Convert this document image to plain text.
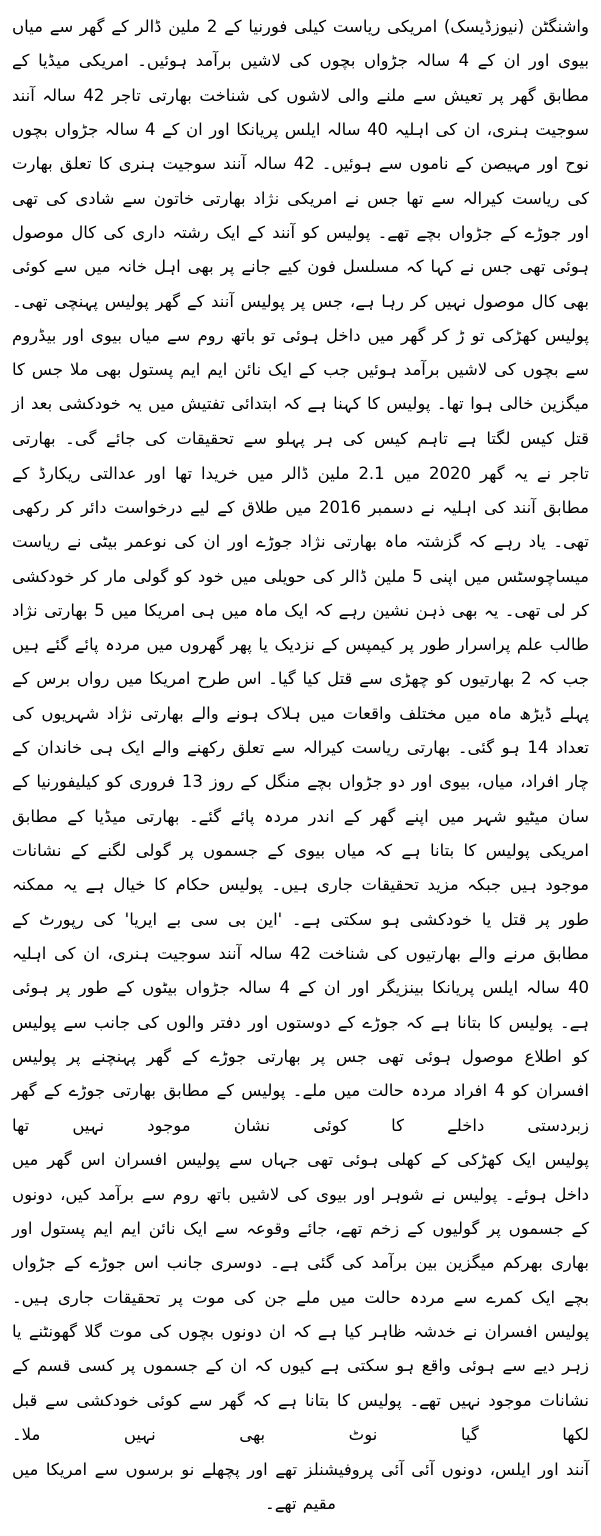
واشنگٹن (نیوزڈیسک) امریکی ریاست کیلی فورنیا کے 2 ملین ڈالر کے گھر سے میاں بیوی اور ان کے 4 سالہ جڑواں بچوں کی لاشیں برآمد ہوئیں۔ امریکی میڈیا کے مطابق گھر پر تعیش سے ملنے والی لاشوں کی شناخت بھارتی تاجر 42 سالہ آنند سوجیت ہنری، ان کی اہلیہ 40 سالہ ایلس پریانکا اور ان کے 4 سالہ جڑواں بچوں نوح اور مہیصن کے ناموں سے ہوئیں۔ 42 سالہ آنند سوجیت ہنری کا تعلق بھارت کی ریاست کیرالہ سے تھا جس نے امریکی نژاد بھارتی خاتون سے شادی کی تھی اور جوڑے کے جڑواں بچے تھے۔ پولیس کو آنند کے ایک رشتہ داری کی کال موصول ہوئی تھی جس نے کہا کہ مسلسل فون کیے جانے پر بھی اہل خانہ میں سے کوئی بھی کال موصول نہیں کر رہا ہے، جس پر پولیس آنند کے گھر پولیس پہنچی تھی۔ پولیس کھڑکی تو ڑ کر گھر میں داخل ہوئی تو باتھ روم سے میاں بیوی اور بیڈروم سے بچوں کی لاشیں برآمد ہوئیں جب کے ایک نائن ایم ایم پستول بھی ملا جس کا میگزین خالی ہوا تھا۔ پولیس کا کہنا ہے کہ ابتدائی تفتیش میں یہ خودکشی بعد از قتل کیس لگتا ہے تاہم کیس کی ہر پہلو سے تحقیقات کی جائے گی۔ بھارتی

تاجر نے یہ گھر 2020 میں 2.1 ملین ڈالر میں خریدا تھا اور عدالتی ریکارڈ کے مطابق آنند کی اہلیہ نے دسمبر 2016 میں طلاق کے لیے درخواست دائر کر رکھی تھی۔ یاد رہے کہ گزشتہ ماہ بھارتی نژاد جوڑے اور ان کی نوعمر بیٹی نے ریاست میساچوسٹس میں اپنی 5 ملین ڈالر کی حویلی میں خود کو گولی مار کر خودکشی کر لی تھی۔ یہ بھی ذہن نشین رہے کہ ایک ماہ میں ہی امریکا میں 5 بھارتی نژاد طالب علم پراسرار طور پر کیمپس کے نزدیک یا پھر گھروں میں مردہ پائے گئے ہیں جب کہ 2 بھارتیوں کو چھڑی سے قتل کیا گیا۔ اس طرح امریکا میں رواں برس کے پہلے ڈیڑھ ماہ میں مختلف واقعات میں ہلاک ہونے والے بھارتی نژاد شہریوں کی تعداد 14 ہو گئی۔ بھارتی ریاست کیرالہ سے تعلق رکھنے والے ایک ہی خاندان کے چار افراد، میاں، بیوی اور دو جڑواں بچے منگل کے روز 13 فروری کو کیلیفورنیا کے سان میٹیو شہر میں اپنے گھر کے اندر مردہ پائے گئے۔ بھارتی میڈیا کے مطابق امریکی پولیس کا بتانا ہے کہ میاں بیوی کے جسموں پر گولی لگنے کے نشانات موجود ہیں جبکہ مزید تحقیقات جاری ہیں۔ پولیس حکام کا خیال ہے یہ ممکنہ طور پر قتل یا خودکشی ہو سکتی ہے۔ 'این بی سی بے ایریا' کی رپورٹ کے مطابق مرنے والے بھارتیوں کی شناخت 42 سالہ آنند سوجیت ہنری، ان کی اہلیہ 40 سالہ ایلس پریانکا بینزیگر اور ان کے 4 سالہ جڑواں بیٹوں کے طور پر ہوئی ہے۔ پولیس کا بتانا ہے کہ جوڑے کے دوستوں اور دفتر والوں کی جانب سے پولیس کو اطلاع موصول ہوئی تھی جس پر بھارتی جوڑے کے گھر پہنچنے پر پولیس افسران کو 4 افراد مردہ حالت میں ملے۔ پولیس کے مطابق بھارتی جوڑے کے گھر زبردستی داخلے کا کوئی نشان موجود نہیں تھا

پولیس ایک کھڑکی کے کھلی ہوئی تھی جہاں سے پولیس افسران اس گھر میں داخل ہوئے۔ پولیس نے شوہر اور بیوی کی لاشیں باتھ روم سے برآمد کیں، دونوں کے جسموں پر گولیوں کے زخم تھے، جائے وقوعہ سے ایک نائن ایم ایم پستول اور بھاری بھرکم میگزین بین برآمد کی گئی ہے۔ دوسری جانب اس جوڑے کے جڑواں بچے ایک کمرے سے مردہ حالت میں ملے جن کی موت پر تحقیقات جاری ہیں۔ پولیس افسران نے خدشہ ظاہر کیا ہے کہ ان دونوں بچوں کی موت گلا گھونٹنے یا زہر دیے سے ہوئی واقع ہو سکتی ہے کیوں کہ ان کے جسموں پر کسی قسم کے نشانات موجود نہیں تھے۔ پولیس کا بتانا ہے کہ گھر سے کوئی خودکشی سے قبل لکھا گیا نوٹ بھی نہیں ملا۔

آنند اور ایلس، دونوں آئی آئی پروفیشنلز تھے اور پچھلے نو برسوں سے امریکا میں مقیم تھے۔
